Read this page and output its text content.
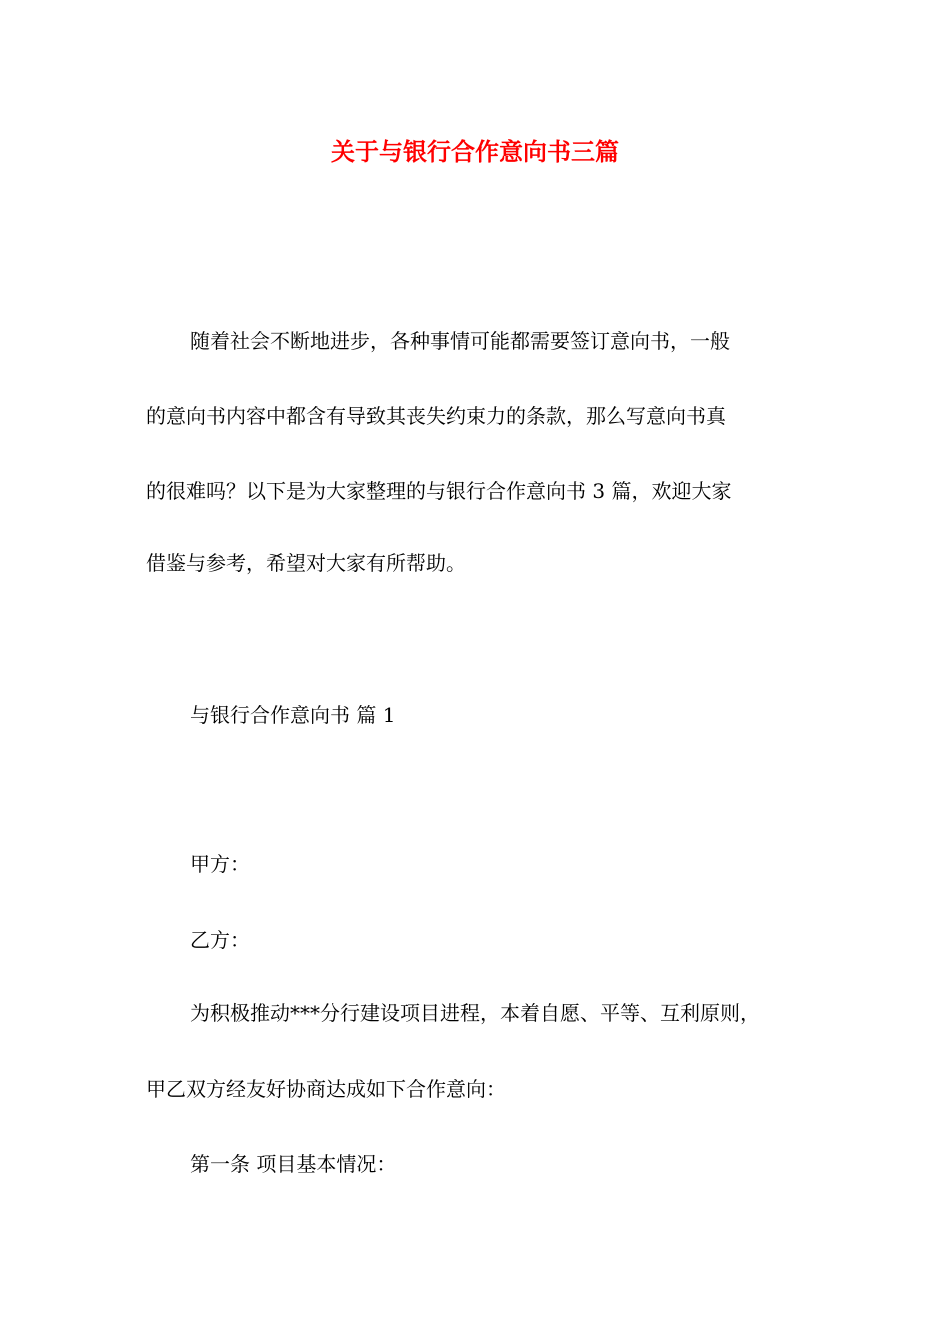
关于与银行合作意向书三篇
随着社会不断地进步，各种事情可能都需要签订意向书，一般
的意向书内容中都含有导致其丧失约束力的条款，那么写意向书真
的很难吗？以下是为大家整理的与银行合作意向书 3 篇，欢迎大家
借鉴与参考，希望对大家有所帮助。
与银行合作意向书 篇 1
甲方：
乙方：
为积极推动***分行建设项目进程，本着自愿、平等、互利原则，
甲乙双方经友好协商达成如下合作意向：
第一条 项目基本情况：
